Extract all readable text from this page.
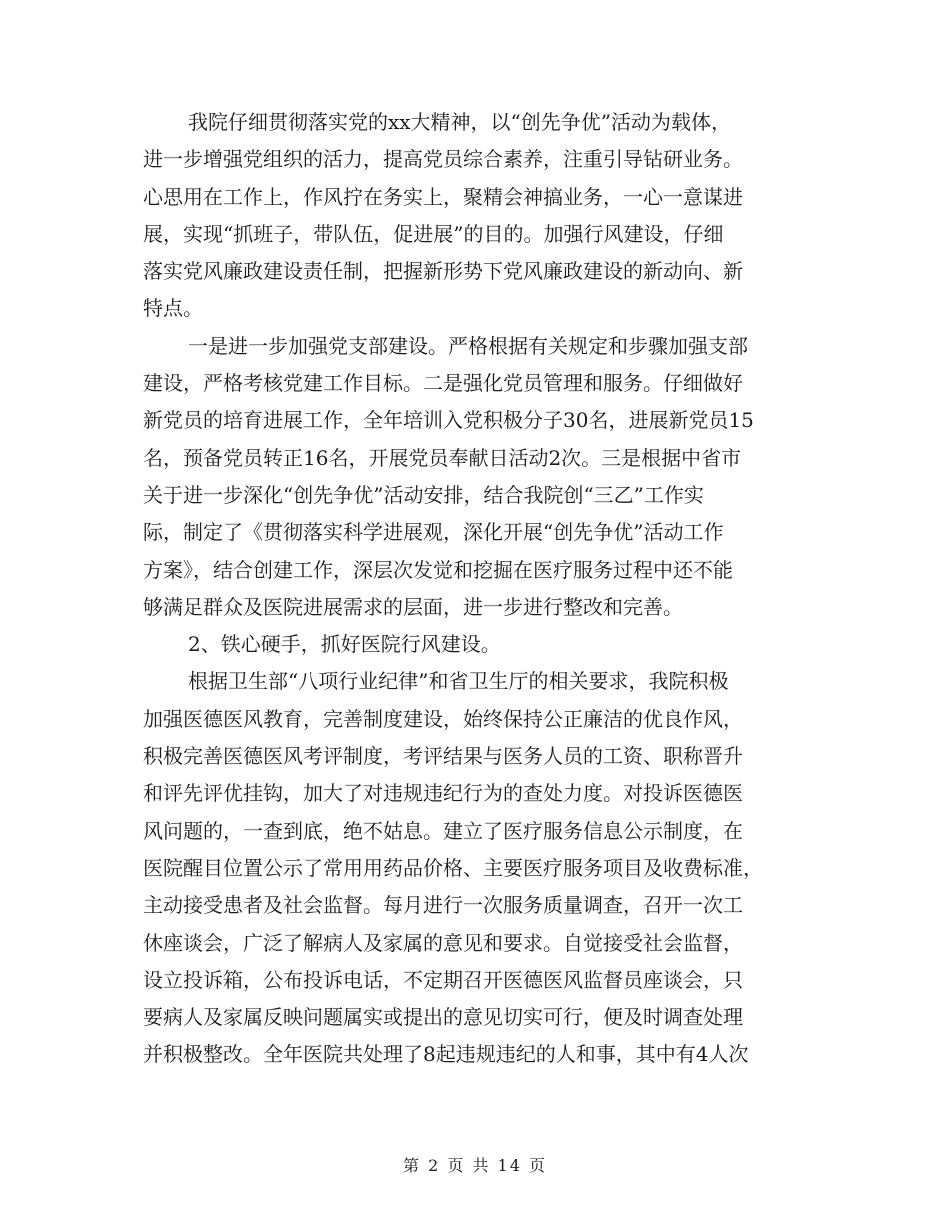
我院仔细贯彻落实党的xx大精神，以“创先争优”活动为载体，
进一步增强党组织的活力，提高党员综合素养，注重引导钻研业务。
心思用在工作上，作风拧在务实上，聚精会神搞业务，一心一意谋进
展，实现“抓班子，带队伍，促进展”的目的。加强行风建设，仔细
落实党风廉政建设责任制，把握新形势下党风廉政建设的新动向、新
特点。
一是进一步加强党支部建设。严格根据有关规定和步骤加强支部
建设，严格考核党建工作目标。二是强化党员管理和服务。仔细做好
新党员的培育进展工作，全年培训入党积极分子30名，进展新党员15
名，预备党员转正16名，开展党员奉献日活动2次。三是根据中省市
关于进一步深化“创先争优”活动安排，结合我院创“三乙”工作实
际，制定了《贯彻落实科学进展观，深化开展“创先争优”活动工作
方案》，结合创建工作，深层次发觉和挖掘在医疗服务过程中还不能
够满足群众及医院进展需求的层面，进一步进行整改和完善。
2、铁心硬手，抓好医院行风建设。
根据卫生部“八项行业纪律”和省卫生厅的相关要求，我院积极
加强医德医风教育，完善制度建设，始终保持公正廉洁的优良作风，
积极完善医德医风考评制度，考评结果与医务人员的工资、职称晋升
和评先评优挂钩，加大了对违规违纪行为的查处力度。对投诉医德医
风问题的，一查到底，绝不姑息。建立了医疗服务信息公示制度，在
医院醒目位置公示了常用用药品价格、主要医疗服务项目及收费标准，
主动接受患者及社会监督。每月进行一次服务质量调查，召开一次工
休座谈会，广泛了解病人及家属的意见和要求。自觉接受社会监督，
设立投诉箱，公布投诉电话，不定期召开医德医风监督员座谈会，只
要病人及家属反映问题属实或提出的意见切实可行，便及时调查处理
并积极整改。全年医院共处理了8起违规违纪的人和事，其中有4人次
第 2 页 共 14 页
